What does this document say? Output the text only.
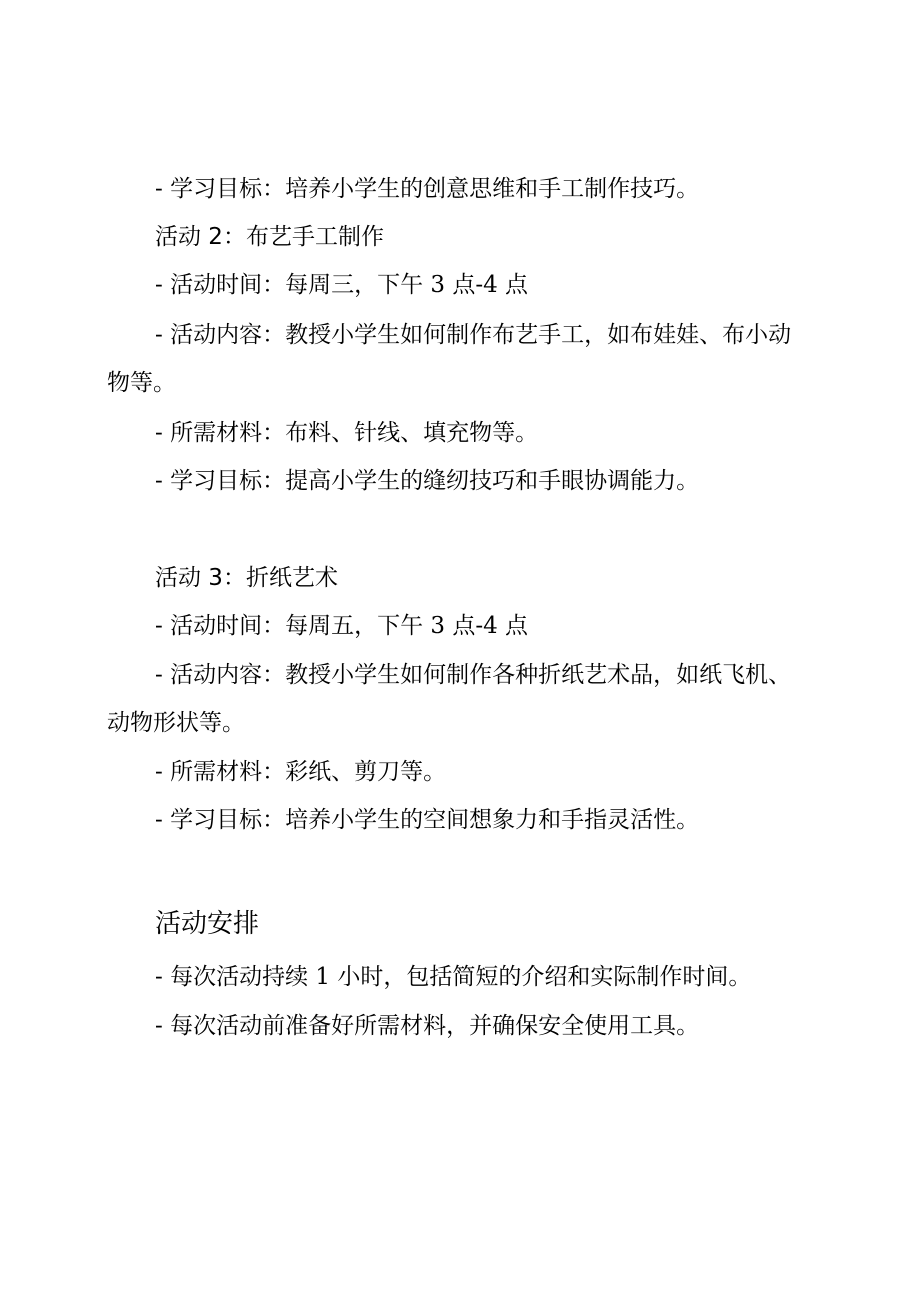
- 学习目标：培养小学生的创意思维和手工制作技巧。
活动 2：布艺手工制作
- 活动时间：每周三，下午 3 点-4 点
- 活动内容：教授小学生如何制作布艺手工，如布娃娃、布小动
物等。
- 所需材料：布料、针线、填充物等。
- 学习目标：提高小学生的缝纫技巧和手眼协调能力。
活动 3：折纸艺术
- 活动时间：每周五，下午 3 点-4 点
- 活动内容：教授小学生如何制作各种折纸艺术品，如纸飞机、
动物形状等。
- 所需材料：彩纸、剪刀等。
- 学习目标：培养小学生的空间想象力和手指灵活性。
活动安排
- 每次活动持续 1 小时，包括简短的介绍和实际制作时间。
- 每次活动前准备好所需材料，并确保安全使用工具。
